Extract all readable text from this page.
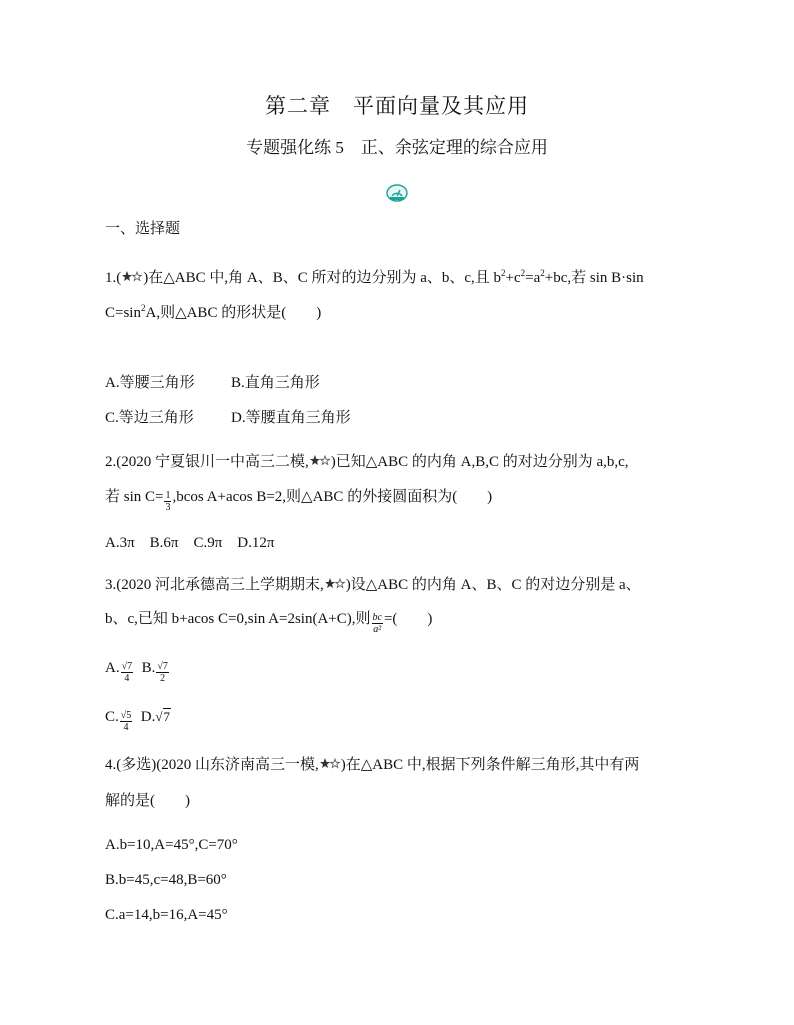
第二章　平面向量及其应用
专题强化练 5　正、余弦定理的综合应用
一、选择题
1.( )在△ABC 中,角 A、B、C 所对的边分别为 a、b、c,且 $b^2+c^2=a^2+bc$,若 sin B·sin
$C=\sin^2A$,则△ABC 的形状是(　　)
A.等腰三角形 B.直角三角形
C.等边三角形 D.等腰直角三角形
2.(2020 宁夏银川一中高三二模, )已知△ABC 的内角 A,B,C 的对边分别为 a,b,c,
若 $\sin C= \frac{1}{3} ,bcos$ A+acos B=2,则△ABC 的外接圆面积为(　　)
A.3π　B.6π　C.9π　D.12π
3.(2020 河北承德高三上学期期末, )设△ABC 的内角 A、B、C 的对边分别是 a、
b、c,已知 b+acos C=0,sin A=2sin(A+C),则 $\frac{bc}{\text{a²}}$ =(　　)
A. $\frac{√7}{4} B$. $\frac{√7}{2}$
C. $\frac{√5}{4} D.√7$
4.(多选)(2020 山东济南高三一模, )在△ABC 中,根据下列条件解三角形,其中有两
解的是(　　)
A.b=10,A=45°,C=70°
B.b=45,c=48,B=60°
C.a=14,b=16,A=45°
